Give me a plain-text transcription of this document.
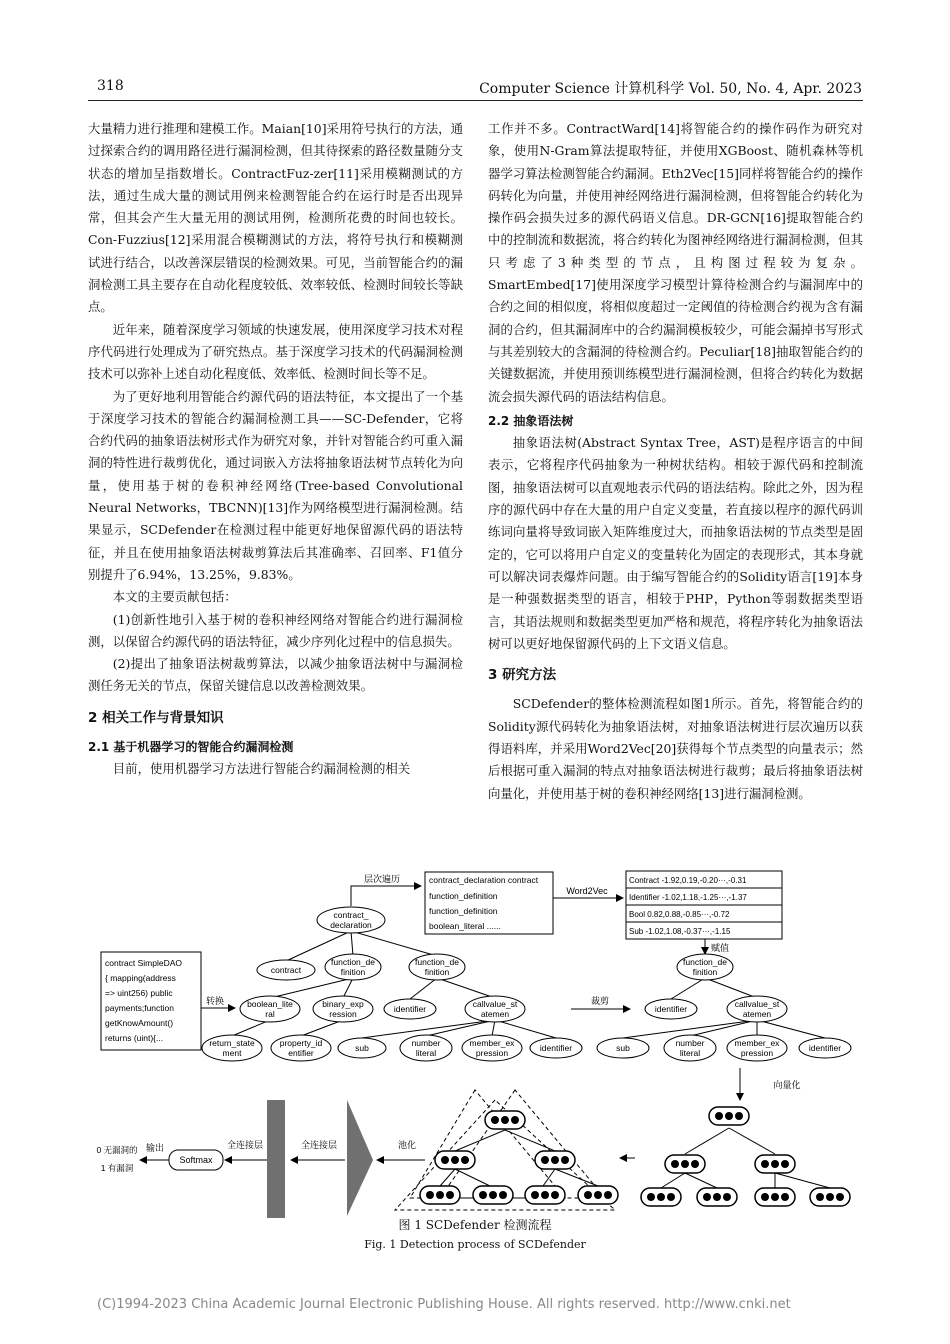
318	Computer Science 计算机科学 Vol. 50, No. 4, Apr. 2023

大量精力进行推理和建模工作。Maian[10]采用符号执行的方法，通过探索合约的调用路径进行漏洞检测，但其待探索的路径数量随分支状态的增加呈指数增长。ContractFuz-zer[11]采用模糊测试的方法，通过生成大量的测试用例来检测智能合约在运行时是否出现异常，但其会产生大量无用的测试用例，检测所花费的时间也较长。Con-Fuzzius[12]采用混合模糊测试的方法，将符号执行和模糊测试进行结合，以改善深层错误的检测效果。可见，当前智能合约的漏洞检测工具主要存在自动化程度较低、效率较低、检测时间较长等缺点。

近年来，随着深度学习领域的快速发展，使用深度学习技术对程序代码进行处理成为了研究热点。基于深度学习技术的代码漏洞检测技术可以弥补上述自动化程度低、效率低、检测时间长等不足。

为了更好地利用智能合约源代码的语法特征，本文提出了一个基于深度学习技术的智能合约漏洞检测工具——SC-Defender，它将合约代码的抽象语法树形式作为研究对象，并针对智能合约可重入漏洞的特性进行裁剪优化，通过词嵌入方法将抽象语法树节点转化为向量，使用基于树的卷积神经网络(Tree-based Convolutional Neural Networks，TBCNN)[13]作为网络模型进行漏洞检测。结果显示，SCDefender在检测过程中能更好地保留源代码的语法特征，并且在使用抽象语法树裁剪算法后其准确率、召回率、F1值分别提升了6.94%，13.25%，9.83%。

本文的主要贡献包括：

(1)创新性地引入基于树的卷积神经网络对智能合约进行漏洞检测，以保留合约源代码的语法特征，减少序列化过程中的信息损失。

(2)提出了抽象语法树裁剪算法，以减少抽象语法树中与漏洞检测任务无关的节点，保留关键信息以改善检测效果。

2 相关工作与背景知识
2.1 基于机器学习的智能合约漏洞检测

目前，使用机器学习方法进行智能合约漏洞检测的相关

工作并不多。ContractWard[14]将智能合约的操作码作为研究对象，使用N-Gram算法提取特征，并使用XGBoost、随机森林等机器学习算法检测智能合约漏洞。Eth2Vec[15]同样将智能合约的操作码转化为向量，并使用神经网络进行漏洞检测，但将智能合约转化为操作码会损失过多的源代码语义信息。DR-GCN[16]提取智能合约中的控制流和数据流，将合约转化为图神经网络进行漏洞检测，但其只考虑了3种类型的节点，且构图过程较为复杂。SmartEmbed[17]使用深度学习模型计算待检测合约与漏洞库中的合约之间的相似度，将相似度超过一定阈值的待检测合约视为含有漏洞的合约，但其漏洞库中的合约漏洞模板较少，可能会漏掉书写形式与其差别较大的含漏洞的待检测合约。Peculiar[18]抽取智能合约的关键数据流，并使用预训练模型进行漏洞检测，但将合约转化为数据流会损失源代码的语法结构信息。

2.2 抽象语法树

抽象语法树(Abstract Syntax Tree，AST)是程序语言的中间表示，它将程序代码抽象为一种树状结构。相较于源代码和控制流图，抽象语法树可以直观地表示代码的语法结构。除此之外，因为程序的源代码中存在大量的用户自定义变量，若直接以程序的源代码训练词向量将导致词嵌入矩阵维度过大，而抽象语法树的节点类型是固定的，它可以将用户自定义的变量转化为固定的表现形式，其本身就可以解决词表爆炸问题。由于编写智能合约的Solidity语言[19]本身是一种强数据类型的语言，相较于PHP，Python等弱数据类型语言，其语法规则和数据类型更加严格和规范，将程序转化为抽象语法树可以更好地保留源代码的上下文语义信息。

3 研究方法

SCDefender的整体检测流程如图1所示。首先，将智能合约的Solidity源代码转化为抽象语法树，对抽象语法树进行层次遍历以获得语料库，并采用Word2Vec[20]获得每个节点类型的向量表示；然后根据可重入漏洞的特点对抽象语法树进行裁剪；最后将抽象语法树向量化，并使用基于树的卷积神经网络[13]进行漏洞检测。

contract SimpleDAO
{ mapping(address
=> uint256) public
payments;function
getKnowAmount()
returns (uint){...
转换
contract_
declaration
contract
function_de
finition
function_de
finition
boolean_lite
ral
binary_exp
ression	identifier	callvalue_st
atemen
return_state
ment
property_id
entifier	sub	number
literal
member_ex
pression	identifier
层次遍历	contract_declaration contract
function_definition
function_definition
boolean_literal ......
Word2Vec
Contract -1.92,0.19,-0.20···,-0.31
Identifier -1.02,1.18,-1.25···,-1.37
Bool 0.82,0.88,-0.85···,-0.72
Sub -1.02,1.08,-0.37···,-1.15
赋值
裁剪
function_de
finition
identifier	callvalue_st
atemen
sub	number
literal
member_ex
pression	identifier
向量化
池化
全连接层
全连接层
Softmax
输出
0 无漏洞的
1 有漏洞
图 1 SCDefender 检测流程
Fig. 1 Detection process of SCDefender
(C)1994-2023 China Academic Journal Electronic Publishing House. All rights reserved. http://www.cnki.net
